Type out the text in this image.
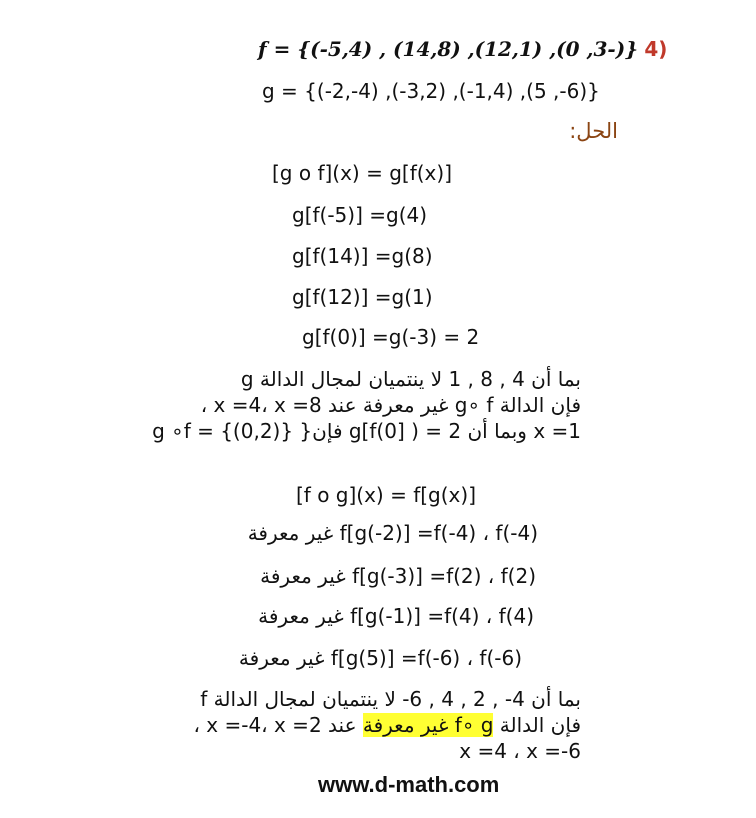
f = {(-5,4) , (14,8) ,(12,1) ,(0 ,3-)} 4)
g = {(-2,-4) ,(-3,2) ,(-1,4) ,(5 ,-6)}
الحل:
[g o f](x) = g[f(x)]
g[f(-5)] =g(4)
g[f(14)] =g(8)
g[f(12)] =g(1)
g[f(0)] =g(-3) = 2
بما أن 4 , 8 , 1 لا ينتميان لمجال الدالة g
فإن الدالة g∘ f غير معرفة عند x =4، x =8 ،
x =1 وبما أن 2 = ( [g[f(0 فإن{ g ∘f = {(0,2)}
[f o g](x) = f[g(x)]
f[g(-2)] =f(-4) ، f(-4) غير معرفة
f[g(-3)] =f(2) ، f(2) غير معرفة
f[g(-1)] =f(4) ، f(4) غير معرفة
f[g(5)] =f(-6) ، f(-6) غير معرفة
بما أن 4- , 2 , 4 , 6- لا ينتميان لمجال الدالة f
فإن الدالة f∘ g غير معرفة عند x =-4، x =2 ،
x =4 ، x =-6
www.d-math.com
